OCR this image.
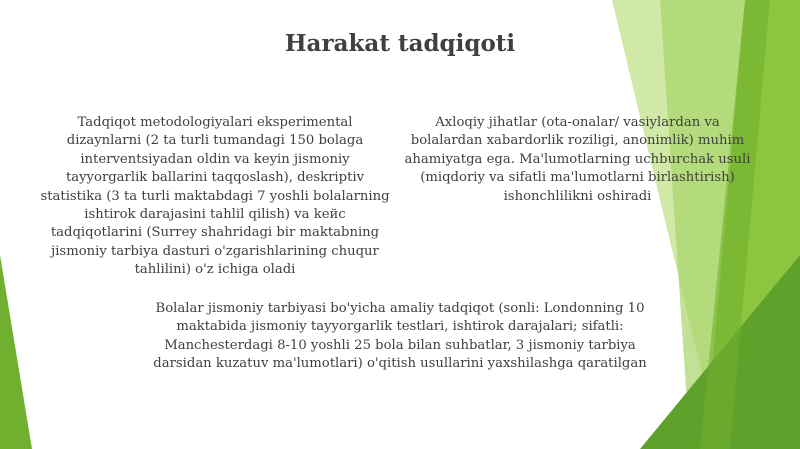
Harakat tadqiqoti

Tadqiqot metodologiyalari eksperimental dizaynlarni (2 ta turli tumandagi 150 bolaga interventsiyadan oldin va keyin jismoniy tayyorgarlik ballarini taqqoslash), deskriptiv statistika (3 ta turli maktabdagi 7 yoshli bolalarning ishtirok darajasini tahlil qilish) va keйс tadqiqotlarini (Surrey shahridagi bir maktabning jismoniy tarbiya dasturi o'zgarishlarining chuqur tahlilini) o'z ichiga oladi

Axloqiy jihatlar (ota-onalar/ vasiylardan va bolalardan xabardorlik roziligi, anonimlik) muhim ahamiyatga ega. Ma'lumotlarning uchburchak usuli (miqdoriy va sifatli ma'lumotlarni birlashtirish) ishonchlilikni oshiradi

Bolalar jismoniy tarbiyasi bo'yicha amaliy tadqiqot (sonli: Londonning 10 maktabida jismoniy tayyorgarlik testlari, ishtirok darajalari; sifatli: Manchesterdagi 8-10 yoshli 25 bola bilan suhbatlar, 3 jismoniy tarbiya darsidan kuzatuv ma'lumotlari) o'qitish usullarini yaxshilashga qaratilgan
